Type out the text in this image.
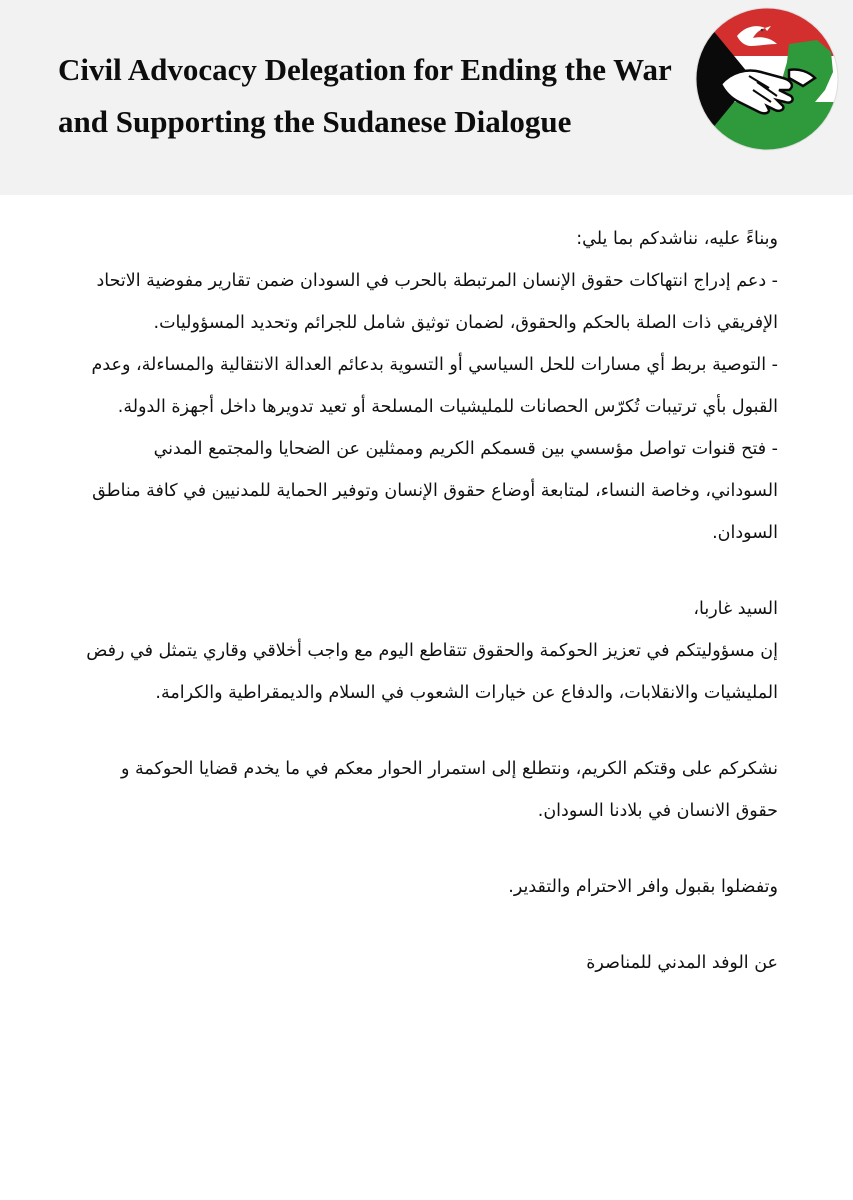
Civil Advocacy Delegation for Ending the War
and Supporting the Sudanese Dialogue

وبناءً عليه، نناشدكم بما يلي:

- دعم إدراج انتهاكات حقوق الإنسان المرتبطة بالحرب في السودان ضمن تقارير مفوضية الاتحاد الإفريقي ذات الصلة بالحكم والحقوق، لضمان توثيق شامل للجرائم وتحديد المسؤوليات.

- التوصية بربط أي مسارات للحل السياسي أو التسوية بدعائم العدالة الانتقالية والمساءلة، وعدم القبول بأي ترتيبات تُكرّس الحصانات للمليشيات المسلحة أو تعيد تدويرها داخل أجهزة الدولة.

- فتح قنوات تواصل مؤسسي بين قسمكم الكريم وممثلين عن الضحايا والمجتمع المدني السوداني، وخاصة النساء، لمتابعة أوضاع حقوق الإنسان وتوفير الحماية للمدنيين في كافة مناطق السودان.

السيد غاربا،

إن مسؤوليتكم في تعزيز الحوكمة والحقوق تتقاطع اليوم مع واجب أخلاقي وقاري يتمثل في رفض المليشيات والانقلابات، والدفاع عن خيارات الشعوب في السلام والديمقراطية والكرامة.

نشكركم على وقتكم الكريم، ونتطلع إلى استمرار الحوار معكم في ما يخدم قضايا الحوكمة و حقوق الانسان في بلادنا السودان.

وتفضلوا بقبول وافر الاحترام والتقدير.

عن الوفد المدني للمناصرة
